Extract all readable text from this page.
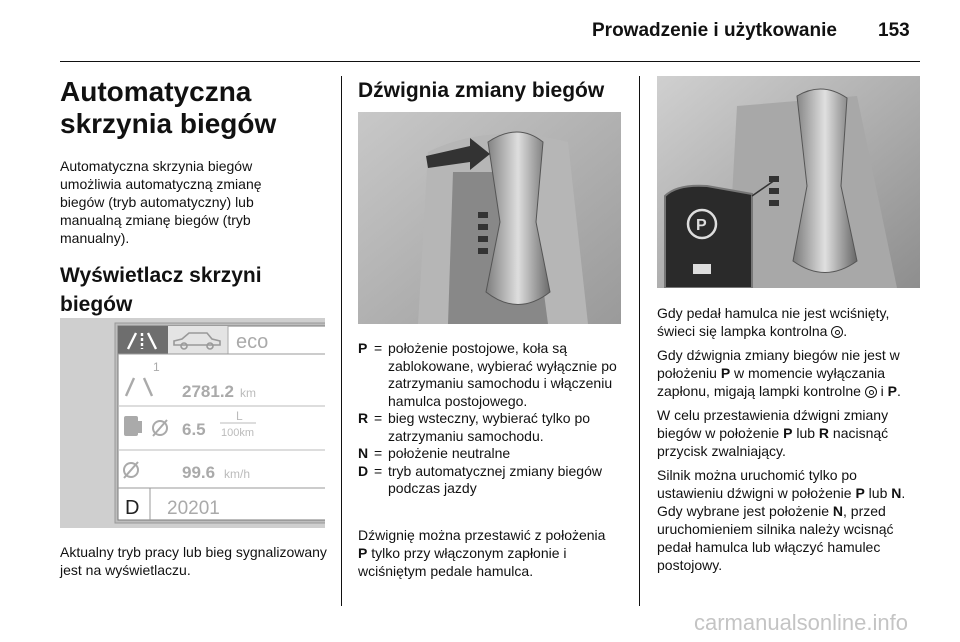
Prowadzenie i użytkowanie 153
Automatyczna skrzynia biegów

Automatyczna skrzynia biegów umożliwia automatyczną zmianę biegów (tryb automatyczny) lub manualną zmianę biegów (tryb manualny).

Wyświetlacz skrzyni biegów
eco
1
2781.2 km
6.5
L
100km
99.6 km/h
D 20201

Aktualny tryb pracy lub bieg sygnalizowany jest na wyświetlaczu.

Dźwignia zmiany biegów
P = położenie postojowe, koła są zablokowane, wybierać wyłącznie po zatrzymaniu samochodu i włączeniu hamulca postojowego.
R = bieg wsteczny, wybierać tylko po zatrzymaniu samochodu.
N = położenie neutralne
D = tryb automatycznej zmiany biegów podczas jazdy

Dźwignię można przestawić z położenia P tylko przy włączonym zapłonie i wciśniętym pedale hamulca.

P

Gdy pedał hamulca nie jest wciśnięty, świeci się lampka kontrolna .

Gdy dźwignia zmiany biegów nie jest w położeniu P w momencie wyłączania zapłonu, migają lampki kontrolne  i P.

W celu przestawienia dźwigni zmiany biegów w położenie P lub R nacisnąć przycisk zwalniający.

Silnik można uruchomić tylko po ustawieniu dźwigni w położenie P lub N. Gdy wybrane jest położenie N, przed uruchomieniem silnika należy wcisnąć pedał hamulca lub włączyć hamulec postojowy.

carmanualsonline.info
